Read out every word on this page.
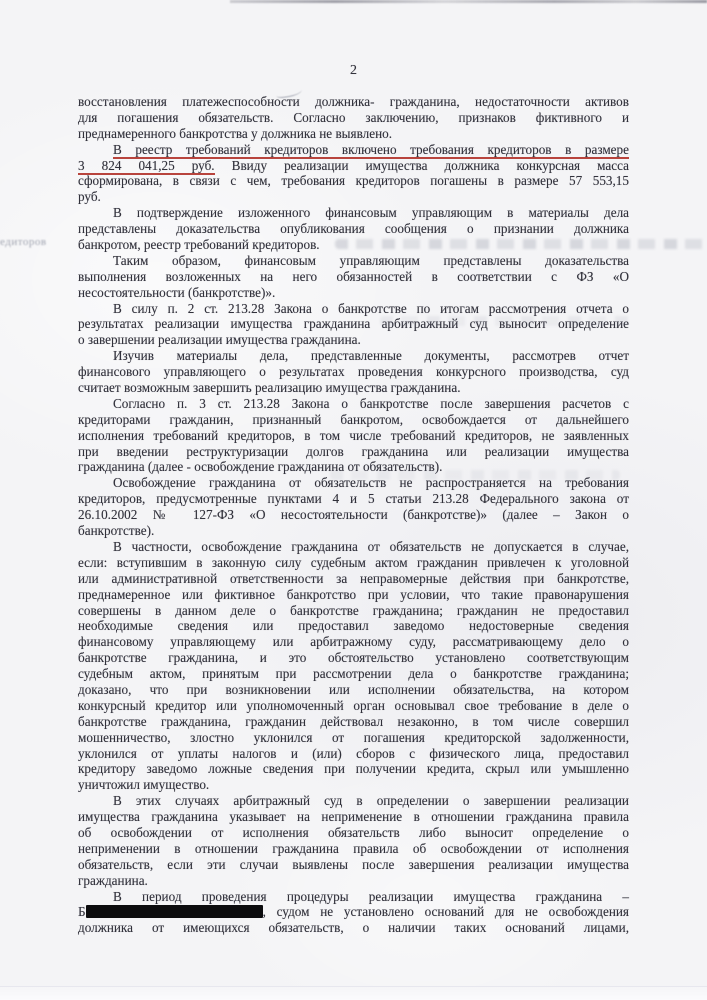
2
восстановления платежеспособности должника- гражданина, недостаточности активов
для погашения обязательств. Согласно заключению, признаков фиктивного и
преднамеренного банкротства у должника не выявлено.
В реестр требований кредиторов включено требования кредиторов в размере
3 824 041,25 руб. Ввиду реализации имущества должника конкурсная масса
сформирована, в связи с чем, требования кредиторов погашены в размере 57 553,15
руб.
В подтверждение изложенного финансовым управляющим в материалы дела
представлены доказательства опубликования сообщения о признании должника
банкротом, реестр требований кредиторов.
Таким образом, финансовым управляющим представлены доказательства
выполнения возложенных на него обязанностей в соответствии с ФЗ «О
несостоятельности (банкротстве)».
В силу п. 2 ст. 213.28 Закона о банкротстве по итогам рассмотрения отчета о
результатах реализации имущества гражданина арбитражный суд выносит определение
о завершении реализации имущества гражданина.
Изучив материалы дела, представленные документы, рассмотрев отчет
финансового управляющего о результатах проведения конкурсного производства, суд
считает возможным завершить реализацию имущества гражданина.
Согласно п. 3 ст. 213.28 Закона о банкротстве после завершения расчетов с
кредиторами гражданин, признанный банкротом, освобождается от дальнейшего
исполнения требований кредиторов, в том числе требований кредиторов, не заявленных
при введении реструктуризации долгов гражданина или реализации имущества
гражданина (далее - освобождение гражданина от обязательств).
Освобождение гражданина от обязательств не распространяется на требования
кредиторов, предусмотренные пунктами 4 и 5 статьи 213.28 Федерального закона от
26.10.2002 № 127-ФЗ «О несостоятельности (банкротстве)» (далее – Закон о
банкротстве).
В частности, освобождение гражданина от обязательств не допускается в случае,
если: вступившим в законную силу судебным актом гражданин привлечен к уголовной
или административной ответственности за неправомерные действия при банкротстве,
преднамеренное или фиктивное банкротство при условии, что такие правонарушения
совершены в данном деле о банкротстве гражданина; гражданин не предоставил
необходимые сведения или предоставил заведомо недостоверные сведения
финансовому управляющему или арбитражному суду, рассматривающему дело о
банкротстве гражданина, и это обстоятельство установлено соответствующим
судебным актом, принятым при рассмотрении дела о банкротстве гражданина;
доказано, что при возникновении или исполнении обязательства, на котором
конкурсный кредитор или уполномоченный орган основывал свое требование в деле о
банкротстве гражданина, гражданин действовал незаконно, в том числе совершил
мошенничество, злостно уклонился от погашения кредиторской задолженности,
уклонился от уплаты налогов и (или) сборов с физического лица, предоставил
кредитору заведомо ложные сведения при получении кредита, скрыл или умышленно
уничтожил имущество.
В этих случаях арбитражный суд в определении о завершении реализации
имущества гражданина указывает на неприменение в отношении гражданина правила
об освобождении от исполнения обязательств либо выносит определение о
неприменении в отношении гражданина правила об освобождении от исполнения
обязательств, если эти случаи выявлены после завершения реализации имущества
гражданина.
В период проведения процедуры реализации имущества гражданина –
Б	, судом не установлено оснований для не освобождения
должника от имеющихся обязательств, о наличии таких оснований лицами,
едиторов
